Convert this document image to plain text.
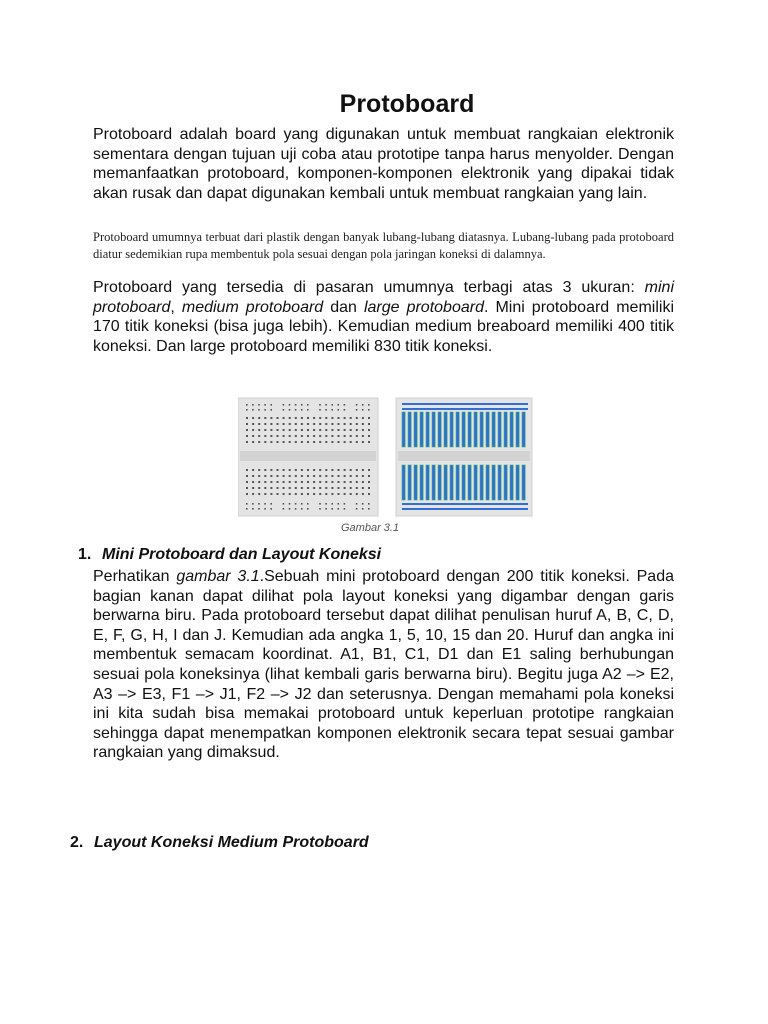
Protoboard

Protoboard adalah board yang digunakan untuk membuat rangkaian elektronik sementara dengan tujuan uji coba atau prototipe tanpa harus menyolder. Dengan memanfaatkan protoboard, komponen-komponen elektronik yang dipakai tidak akan rusak dan dapat digunakan kembali untuk membuat rangkaian yang lain.

Protoboard umumnya terbuat dari plastik dengan banyak lubang-lubang diatasnya. Lubang-lubang pada protoboard diatur sedemikian rupa membentuk pola sesuai dengan pola jaringan koneksi di dalamnya.

Protoboard yang tersedia di pasaran umumnya terbagi atas 3 ukuran: mini protoboard, medium protoboard dan large protoboard. Mini protoboard memiliki 170 titik koneksi (bisa juga lebih). Kemudian medium breaboard memiliki 400 titik koneksi. Dan large protoboard memiliki 830 titik koneksi.

Gambar 3.1
1. Mini Protoboard dan Layout Koneksi

Perhatikan gambar 3.1.Sebuah mini protoboard dengan 200 titik koneksi. Pada bagian kanan dapat dilihat pola layout koneksi yang digambar dengan garis berwarna biru. Pada protoboard tersebut dapat dilihat penulisan huruf A, B, C, D, E, F, G, H, I dan J. Kemudian ada angka 1, 5, 10, 15 dan 20. Huruf dan angka ini membentuk semacam koordinat. A1, B1, C1, D1 dan E1 saling berhubungan sesuai pola koneksinya (lihat kembali garis berwarna biru). Begitu juga A2 –> E2, A3 –> E3, F1 –> J1, F2 –> J2 dan seterusnya. Dengan memahami pola koneksi ini kita sudah bisa memakai protoboard untuk keperluan prototipe rangkaian sehingga dapat menempatkan komponen elektronik secara tepat sesuai gambar rangkaian yang dimaksud.

2. Layout Koneksi Medium Protoboard
